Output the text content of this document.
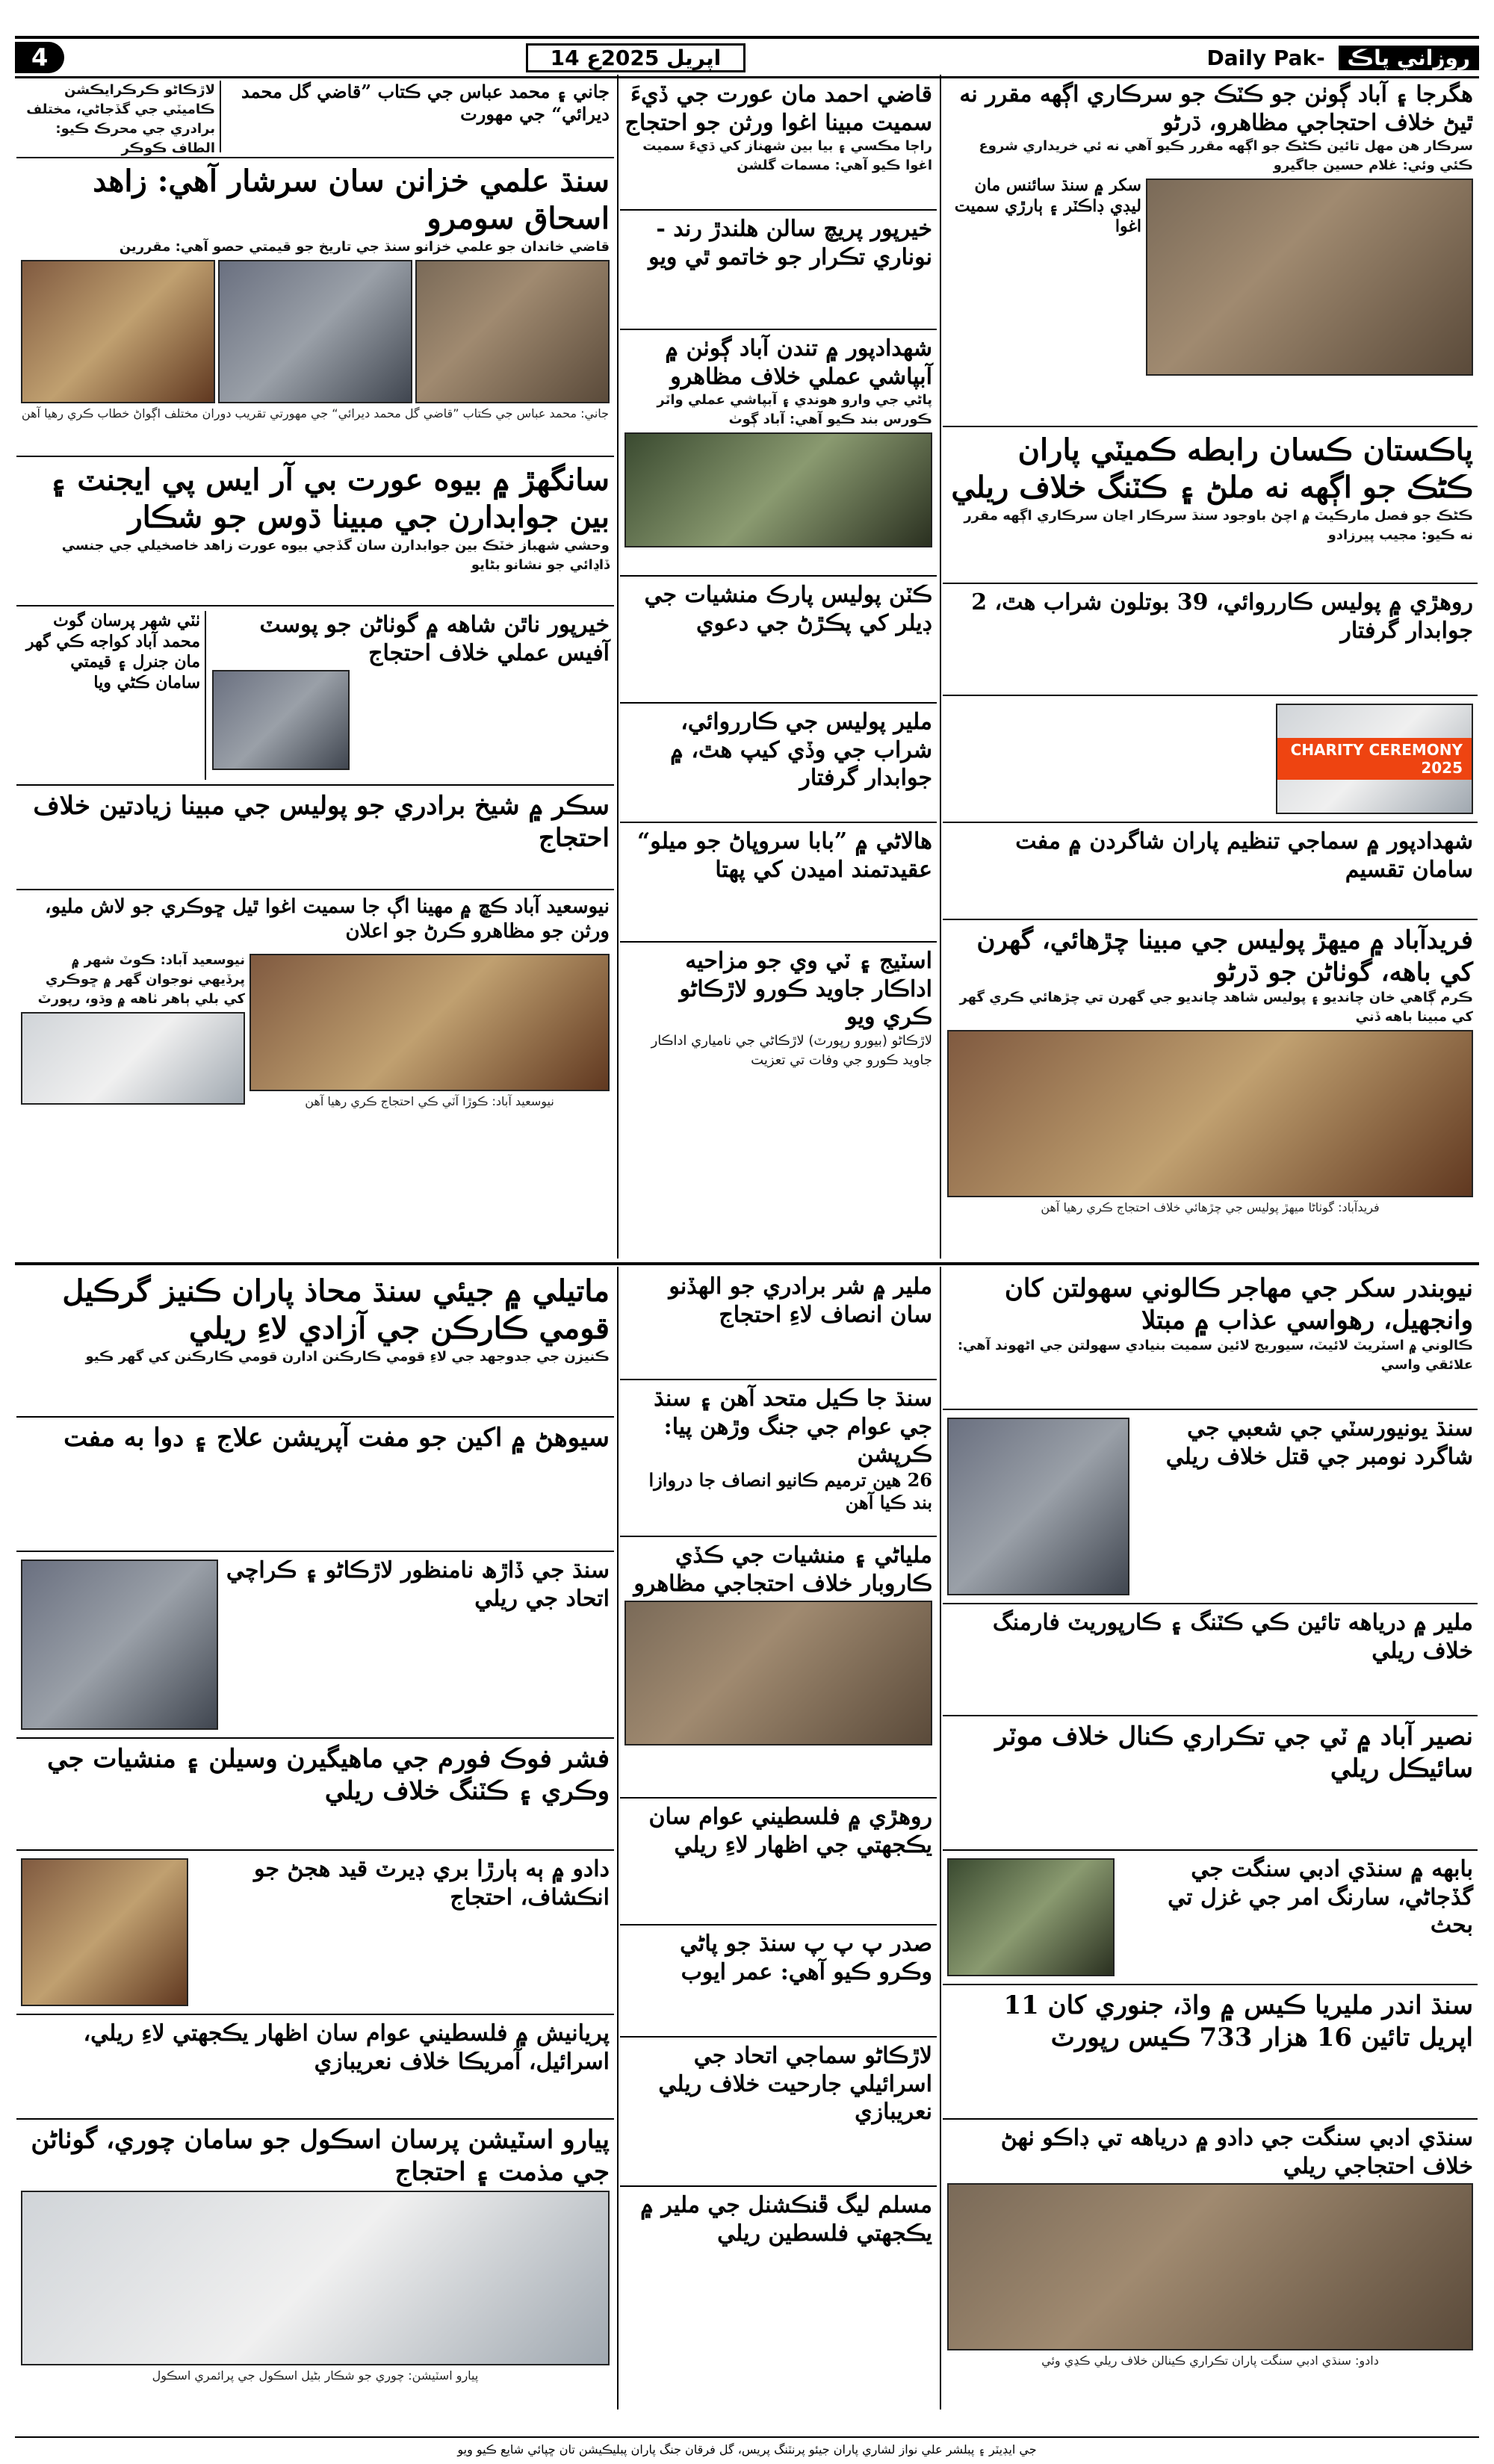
4	14 اپريل 2025ع	Daily Pak- روزاني پاڪ
جاني ۽ محمد عباس جي ڪتاب ”قاضي گل محمد ديرائي“ جي مهورت
لاڙڪاڻو ڪرڪرايڪشن ڪاميٽي جي گڏجاڻي، مختلف برادري جي محرڪ ڪيو: الطاف ڪوڪر
سنڌ علمي خزانن سان سرشار آهي: زاهد اسحاق سومرو
قاضي خاندان جو علمي خزانو سنڌ جي تاريخ جو قيمتي حصو آهي: مقررين
جاني: محمد عباس جي ڪتاب ”قاضي گل محمد ديرائي“ جي مهورتي تقريب دوران مختلف اڳواڻ خطاب ڪري رهيا آهن
سانگهڙ ۾ بيوه عورت بي آر ايس پي ايجنٽ ۽ بين جوابدارن جي مبينا ڌوس جو شڪار
وحشي شهباز خٽڪ بين جوابدارن سان گڏجي بيوه عورت زاهد خاصخيلي جي جنسي ڏاڍائي جو نشانو بڻايو
خيرپور ناٿن شاهه ۾ گوٺاڻن جو پوسٽ آفيس عملي خلاف احتجاج
ٺٽي شهر پرسان گوٺ محمد آباد کواجه ڪي گهر مان جنرل ۽ قيمتي سامان ڪڻي ويا
سڪر ۾ شيخ برادري جو پوليس جي مبينا زيادتين خلاف احتجاج
نيوسعيد آباد ڪڇ ۾ مهينا اڳ جا سميت اغوا ٿيل ڇوڪري جو لاش مليو، ورثن جو مظاهرو ڪرڻ جو اعلان
نيوسعيد آباد: ڪوڙا آٽي ڪي احتجاج ڪري رهيا آهن
نيوسعيد آباد: ڪوٽ شهر ۾ پرڏيهي نوجوان گهر ۾ ڇوڪري کي بلي ٻاهر ٺاهه ۾ وڌو، رپورٽ
قاضي احمد مان عورت جي ڏيءَ سميت مبينا اغوا ورثن جو احتجاج
راڄا مڪسي ۽ بيا بين شهناز کي ڌيءَ سميت اغوا ڪيو آهي: مسمات گلشن
خيرپور پريچ سالن هلندڙ رند - نوناري تڪرار جو خاتمو ٿي ويو
شهدادپور ۾ تندن آباد ڳوٺن ۾ آبپاشي عملي خلاف مظاهرو
پاڻي جي وارو هوندي ۽ آبپاشي عملي واٽر ڪورس بند ڪيو آهي: آباد ڳوٺ
ڪٽن پوليس پارڪ منشيات جي ڊيلر کي پڪڙڻ جي دعوي
ملير پوليس جي ڪارروائي، شراب جي وڏي کيپ هٿ، ۾ جوابدار گرفتار
هالاڻي ۾ ”بابا سروپاڻ جو ميلو“ عقيدتمند اميدن کي پهتا
اسٽيج ۽ ٽي وي جو مزاحيه اداڪار جاويد ڪورو لاڙڪاڻو ڪري ويو
لاڙڪاڻو (بيورو رپورٽ) لاڙڪاڻي جي نامياري اداڪار جاويد ڪورو جي وفات تي تعزيت
هگرجا ۽ آباد ڳوٺن جو ڪٽڪ جو سرڪاري اڳهه مقرر نه ٿيڻ خلاف احتجاجي مظاهرو، ڌرڻو
سرڪار هن مهل تائين ڪڻڪ جو اڳهه مقرر ڪيو آهي نه ئي خريداري شروع ڪئي وئي: غلام حسين جاگيرو
سکر ۾ سنڌ سائنس مان ليڊي ڊاڪٽر ۽ ٻارڙي سميت اغوا
پاڪستان ڪسان رابطه ڪميٽي پاران ڪڻڪ جو اڳهه نه ملڻ ۽ ڪٽنگ خلاف ريلي
ڪڻڪ جو فصل مارڪيٽ ۾ اچڻ باوجود سنڌ سرڪار اڃان سرڪاري اڳهه مقرر نه ڪيو: مجيب پيرزادو
روهڙي ۾ پوليس ڪارروائي، 39 بوتلون شراب هٿ، 2 جوابدار گرفتار
CHARITY CEREMONY 2025
شهدادپور ۾ سماجي تنظيم پاران شاگردن ۾ مفت سامان تقسيم
فريدآباد ۾ ميهڙ پوليس جي مبينا چڙهائي، گهرن کي باهه، گوٺاڻن جو ڌرڻو
ڪرم ڳاهي خان چانديو ۽ پوليس شاهد چانديو جي گهرن تي چڙهائي ڪري گهر کي مبينا باهه ڏني
فريدآباد: گوٺاڻا ميهڙ پوليس جي چڙهائي خلاف احتجاج ڪري رهيا آهن
ماتيلي ۾ جيئي سنڌ محاذ پاران ڪنيز گرڪيل قومي ڪارڪن جي آزادي لاءِ ريلي
ڪنيزن جي جدوجهد جي لاءِ قومي ڪارڪنن ادارن قومي ڪارڪنن کي گهر ڪيو
سيوهڻ ۾ اکين جو مفت آپريشن علاج ۽ دوا به مفت
سنڌ جي ڏاڙھ نامنظور لاڙڪاڻو ۽ ڪراچي اتحاد جي ريلي
فشر فوڪ فورم جي ماهيگيرن وسيلن ۽ منشيات جي وڪري ۽ ڪٽنگ خلاف ريلي
دادو ۾ ٻه ٻارڙا بري ڊيرٽ قيد هجڻ جو انڪشاف، احتجاج
پريانيش ۾ فلسطيني عوام سان اظهار يڪجهتي لاءِ ريلي، اسرائيل، آمريڪا خلاف نعريبازي
پيارو اسٽيشن پرسان اسڪول جو سامان چوري، گوٺاڻن جي مذمت ۽ احتجاج
پيارو اسٽيشن: چوري جو شڪار بڻيل اسڪول جي پرائمري اسڪول
ملير ۾ شر برادري جو الهڏنو سان انصاف لاءِ احتجاج
سنڌ جا ڪيل متحد آهن ۽ سنڌ جي عوام جي جنگ وڙهن پيا: ڪرپشن
26 هين ترميم ڪانيو انصاف جا دروازا بند ڪيا آهن
ملياڻي ۽ منشيات جي ڪڏي ڪاروبار خلاف احتجاجي مظاهرو
روهڙي ۾ فلسطيني عوام سان يڪجهتي جي اظهار لاءِ ريلي
صدر پ پ پ سنڌ جو پاڻي وڪرو ڪيو آهي: عمر ايوب
لاڙڪاڻو سماجي اتحاد جي اسرائيلي جارحيت خلاف ريلي نعريبازي
مسلم ليگ ڦنڪشنل جي ملير ۾ يڪجهتي فلسطين ريلي
نيوبندر سکر جي مهاجر ڪالوني سهولتن کان وانجهيل، رهواسي عذاب ۾ مبتلا
ڪالوني ۾ اسٽريٽ لائيٽ، سيوريج لائين سميت بنيادي سهولتن جي اڻهوند آهي: علائقي واسي
سنڌ يونيورسٽي جي شعبي جي شاگرد نومبر جي قتل خلاف ريلي
ملير ۾ درياهه تائين ڪي ڪٽنگ ۽ ڪارپوريٽ فارمنگ خلاف ريلي
نصير آباد ۾ ٽي جي تڪراري ڪنال خلاف موٽر سائيڪل ريلي
بابهه ۾ سنڌي ادبي سنگت جي گڏجاڻي، سارنگ امر جي غزل تي بحث
سنڌ اندر مليريا ڪيس ۾ واڌ، جنوري کان 11 اپريل تائين 16 هزار 733 ڪيس رپورٽ
سنڌي ادبي سنگت جي دادو ۾ درياهه تي ڊاڪو ٺهڻ خلاف احتجاجي ريلي
دادو: سنڌي ادبي سنگت پاران تڪراري ڪينالن خلاف ريلي ڪڍي وئي
جي ايڊيٽر ۽ پبلشر علي نواز لشاري پاران جيئو پرنٽنگ پريس، گل فرقان جنگ پاران پبليڪيشن تان ڇپائي شايع ڪيو ويو
